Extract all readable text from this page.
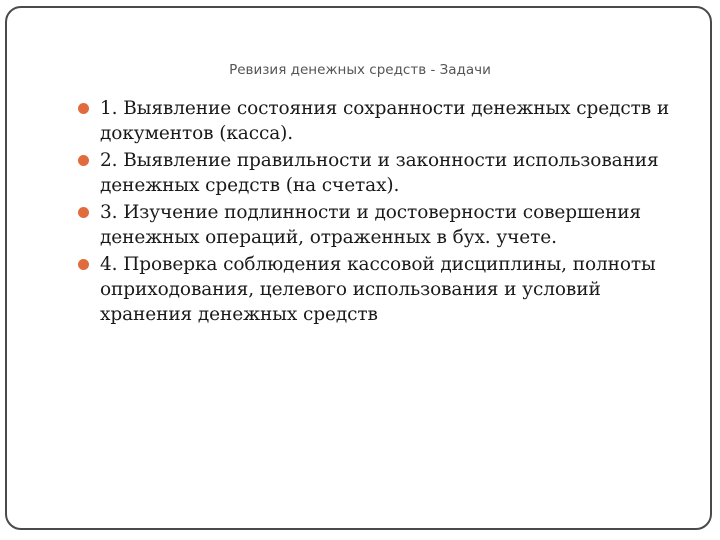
Ревизия денежных средств - Задачи
1. Выявление состояния сохранности денежных средств и документов (касса).
2. Выявление правильности и законности использования денежных средств (на счетах).
3. Изучение подлинности и достоверности совершения денежных операций, отраженных в бух. учете.
4. Проверка соблюдения кассовой дисциплины, полноты оприходования, целевого использования и условий хранения денежных средств
